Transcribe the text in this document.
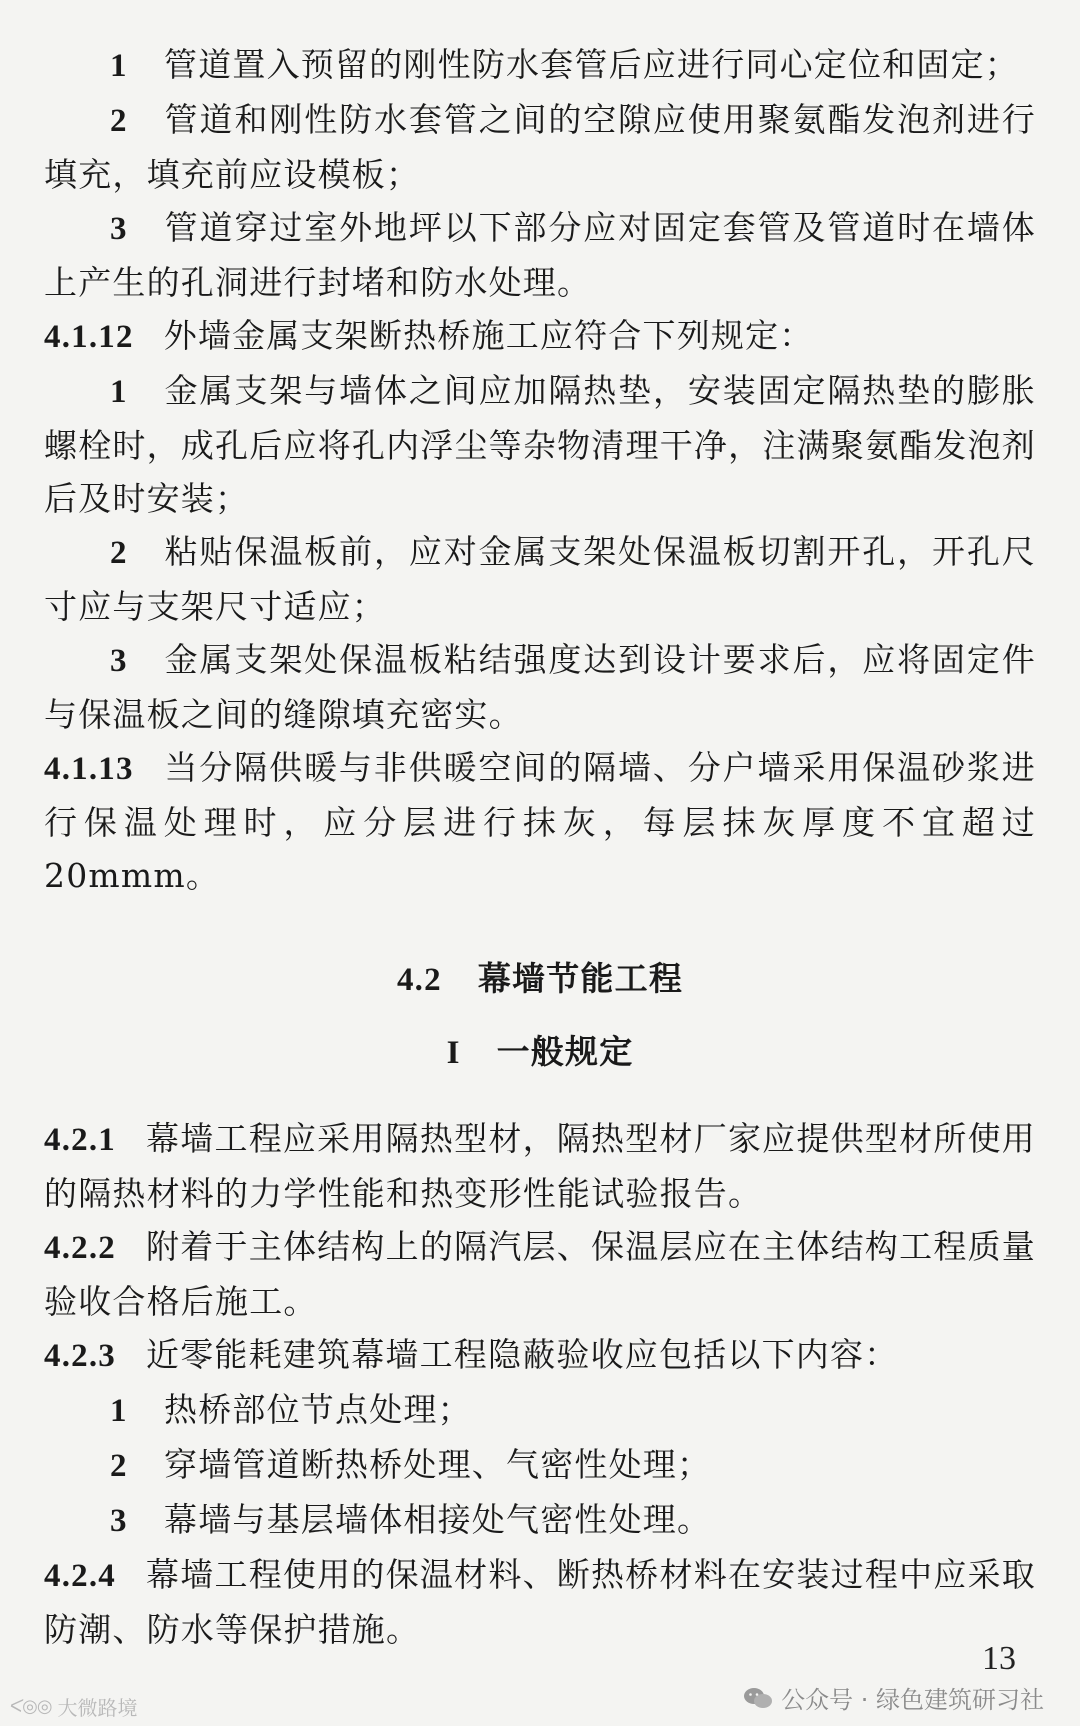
1 管道置入预留的刚性防水套管后应进行同心定位和固定；

2 管道和刚性防水套管之间的空隙应使用聚氨酯发泡剂进行填充，填充前应设模板；

3 管道穿过室外地坪以下部分应对固定套管及管道时在墙体上产生的孔洞进行封堵和防水处理。

4.1.12 外墙金属支架断热桥施工应符合下列规定：

1 金属支架与墙体之间应加隔热垫，安装固定隔热垫的膨胀螺栓时，成孔后应将孔内浮尘等杂物清理干净，注满聚氨酯发泡剂后及时安装；

2 粘贴保温板前，应对金属支架处保温板切割开孔，开孔尺寸应与支架尺寸适应；

3 金属支架处保温板粘结强度达到设计要求后，应将固定件与保温板之间的缝隙填充密实。

4.1.13 当分隔供暖与非供暖空间的隔墙、分户墙采用保温砂浆进行保温处理时，应分层进行抹灰，每层抹灰厚度不宜超过20mmm。

4.2 幕墙节能工程

I 一般规定

4.2.1 幕墙工程应采用隔热型材，隔热型材厂家应提供型材所使用的隔热材料的力学性能和热变形性能试验报告。

4.2.2 附着于主体结构上的隔汽层、保温层应在主体结构工程质量验收合格后施工。

4.2.3 近零能耗建筑幕墙工程隐蔽验收应包括以下内容：

1 热桥部位节点处理；

2 穿墙管道断热桥处理、气密性处理；

3 幕墙与基层墙体相接处气密性处理。

4.2.4 幕墙工程使用的保温材料、断热桥材料在安装过程中应采取防潮、防水等保护措施。

13
公众号 · 绿色建筑研习社
ᐸ◎◎ 大微路境
